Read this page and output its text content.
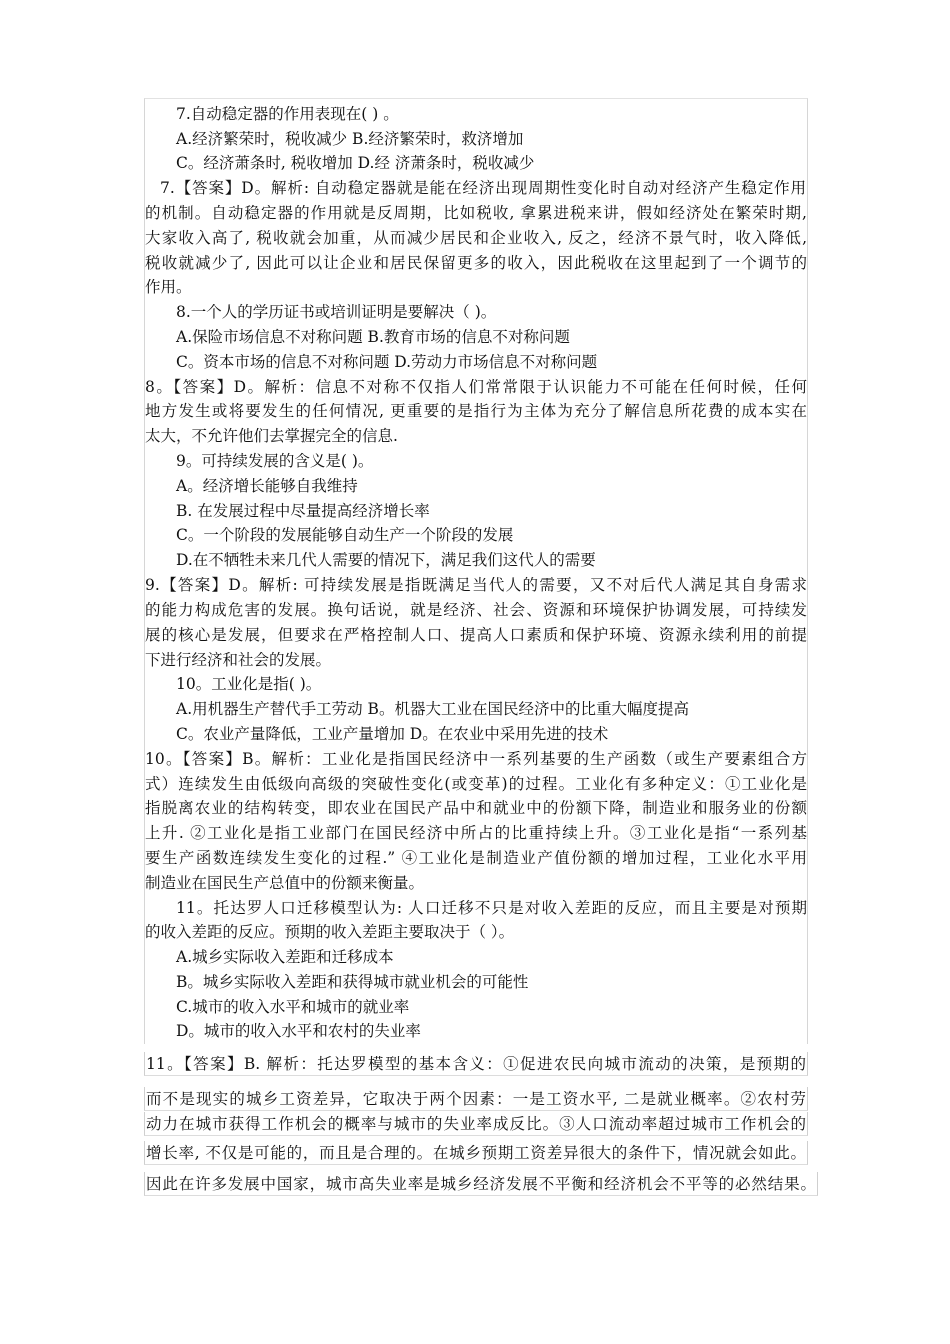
7.自动稳定器的作用表现在( ) 。
A.经济繁荣时，税收减少 B.经济繁荣时，救济增加
C。经济萧条时, 税收增加 D.经 济萧条时，税收减少
7.【答案】D。解析: 自动稳定器就是能在经济出现周期性变化时自动对经济产生稳定作用
的机制。自动稳定器的作用就是反周期，比如税收, 拿累进税来讲，假如经济处在繁荣时期,
大家收入高了, 税收就会加重，从而减少居民和企业收入, 反之，经济不景气时，收入降低,
税收就减少了, 因此可以让企业和居民保留更多的收入，因此税收在这里起到了一个调节的
作用。
8.一个人的学历证书或培训证明是要解决（ )。
A.保险市场信息不对称问题 B.教育市场的信息不对称问题
C。资本市场的信息不对称问题 D.劳动力市场信息不对称问题
8。【答案】D。解析：信息不对称不仅指人们常常限于认识能力不可能在任何时候，任何
地方发生或将要发生的任何情况, 更重要的是指行为主体为充分了解信息所花费的成本实在
太大，不允许他们去掌握完全的信息.
9。可持续发展的含义是( )。
A。经济增长能够自我维持
B. 在发展过程中尽量提高经济增长率
C。一个阶段的发展能够自动生产一个阶段的发展
D.在不牺牲未来几代人需要的情况下，满足我们这代人的需要
9.【答案】D。解析: 可持续发展是指既满足当代人的需要，又不对后代人满足其自身需求
的能力构成危害的发展。换句话说，就是经济、社会、资源和环境保护协调发展，可持续发
展的核心是发展，但要求在严格控制人口、提高人口素质和保护环境、资源永续利用的前提
下进行经济和社会的发展。
10。工业化是指( )。
A.用机器生产替代手工劳动 B。机器大工业在国民经济中的比重大幅度提高
C。农业产量降低，工业产量增加 D。在农业中采用先进的技术
10。【答案】B。解析：工业化是指国民经济中一系列基要的生产函数（或生产要素组合方
式）连续发生由低级向高级的突破性变化(或变革)的过程。工业化有多种定义：①工业化是
指脱离农业的结构转变，即农业在国民产品中和就业中的份额下降，制造业和服务业的份额
上升. ②工业化是指工业部门在国民经济中所占的比重持续上升。③工业化是指“一系列基
要生产函数连续发生变化的过程.” ④工业化是制造业产值份额的增加过程，工业化水平用
制造业在国民生产总值中的份额来衡量。
11。托达罗人口迁移模型认为: 人口迁移不只是对收入差距的反应，而且主要是对预期
的收入差距的反应。预期的收入差距主要取决于（ ）。
A.城乡实际收入差距和迁移成本
B。城乡实际收入差距和获得城市就业机会的可能性
C.城市的收入水平和城市的就业率
D。城市的收入水平和农村的失业率
11。【答案】B. 解析：托达罗模型的基本含义：①促进农民向城市流动的决策，是预期的
而不是现实的城乡工资差异，它取决于两个因素：一是工资水平, 二是就业概率。②农村劳
动力在城市获得工作机会的概率与城市的失业率成反比。③人口流动率超过城市工作机会的
增长率, 不仅是可能的，而且是合理的。在城乡预期工资差异很大的条件下，情况就会如此。
因此在许多发展中国家，城市高失业率是城乡经济发展不平衡和经济机会不平等的必然结果。
